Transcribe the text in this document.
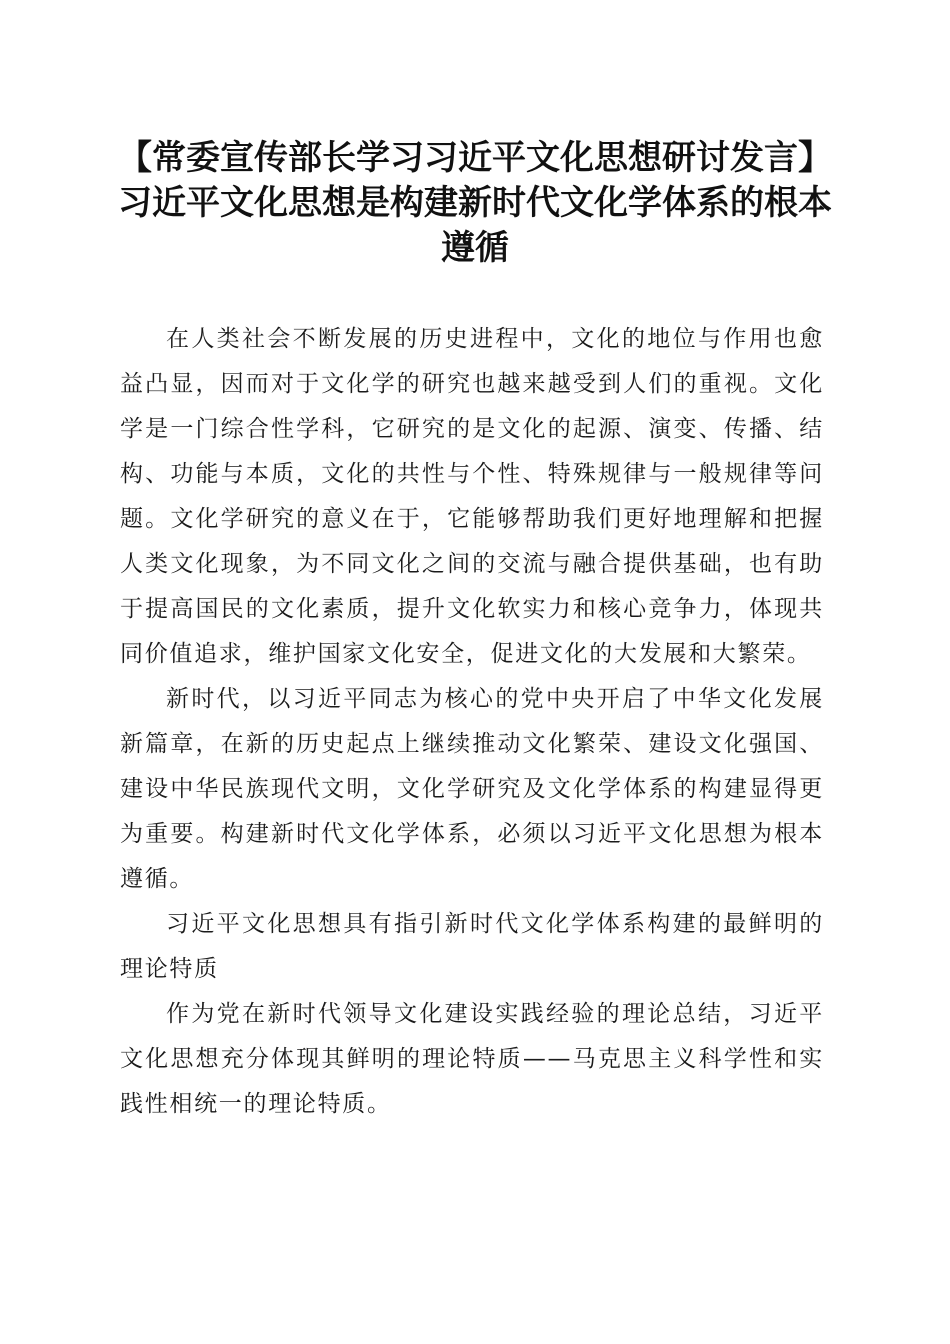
【常委宣传部长学习习近平文化思想研讨发言】习近平文化思想是构建新时代文化学体系的根本遵循

在人类社会不断发展的历史进程中，文化的地位与作用也愈益凸显，因而对于文化学的研究也越来越受到人们的重视。文化学是一门综合性学科，它研究的是文化的起源、演变、传播、结构、功能与本质，文化的共性与个性、特殊规律与一般规律等问题。文化学研究的意义在于，它能够帮助我们更好地理解和把握人类文化现象，为不同文化之间的交流与融合提供基础，也有助于提高国民的文化素质，提升文化软实力和核心竞争力，体现共同价值追求，维护国家文化安全，促进文化的大发展和大繁荣。

新时代，以习近平同志为核心的党中央开启了中华文化发展新篇章，在新的历史起点上继续推动文化繁荣、建设文化强国、建设中华民族现代文明，文化学研究及文化学体系的构建显得更为重要。构建新时代文化学体系，必须以习近平文化思想为根本遵循。

习近平文化思想具有指引新时代文化学体系构建的最鲜明的理论特质

作为党在新时代领导文化建设实践经验的理论总结，习近平文化思想充分体现其鲜明的理论特质——马克思主义科学性和实践性相统一的理论特质。
